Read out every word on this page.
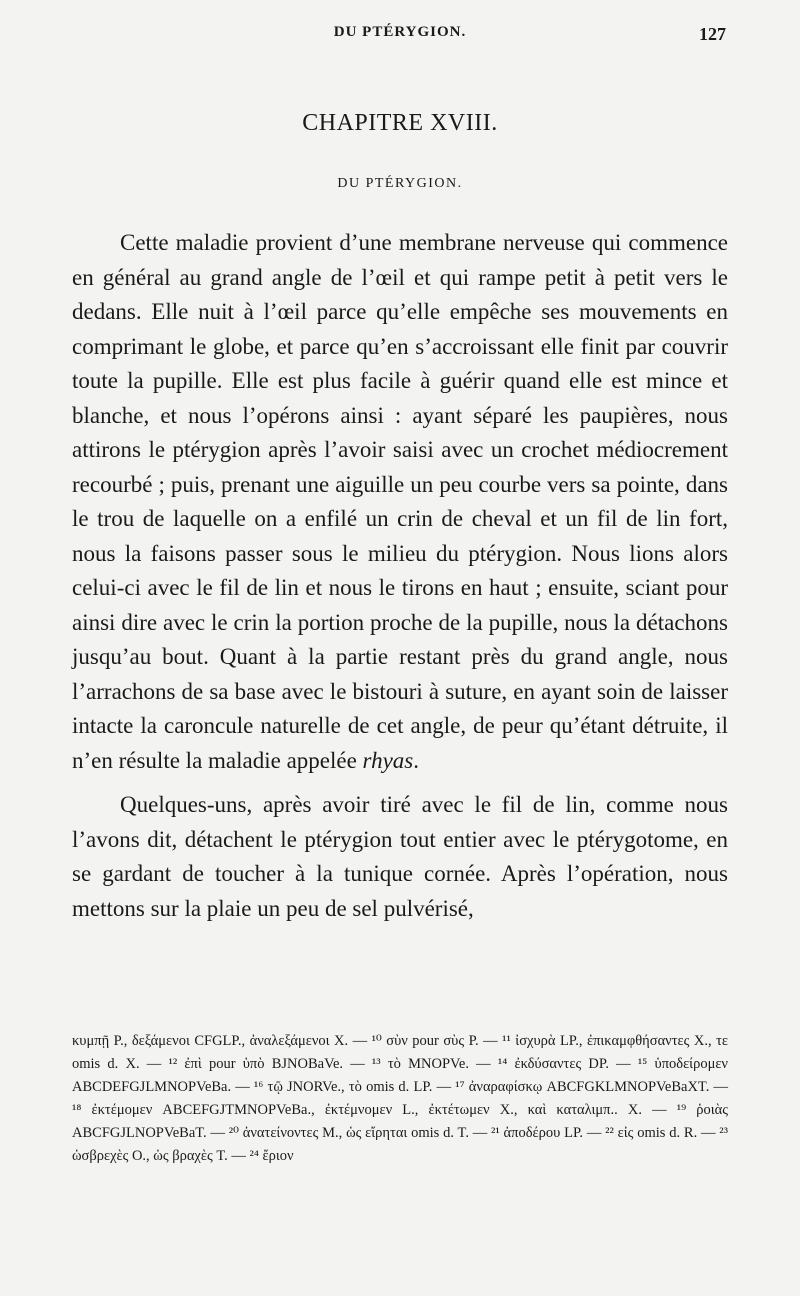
DU PTÉRYGION.	127
CHAPITRE XVIII.
DU PTÉRYGION.

Cette maladie provient d’une membrane nerveuse qui commence en général au grand angle de l’œil et qui rampe petit à petit vers le dedans. Elle nuit à l’œil parce qu’elle empêche ses mouvements en comprimant le globe, et parce qu’en s’accroissant elle finit par couvrir toute la pupille. Elle est plus facile à guérir quand elle est mince et blanche, et nous l’opérons ainsi : ayant séparé les paupières, nous attirons le ptérygion après l’avoir saisi avec un crochet médiocrement recourbé ; puis, prenant une aiguille un peu courbe vers sa pointe, dans le trou de laquelle on a enfilé un crin de cheval et un fil de lin fort, nous la faisons passer sous le milieu du ptérygion. Nous lions alors celui-ci avec le fil de lin et nous le tirons en haut ; ensuite, sciant pour ainsi dire avec le crin la portion proche de la pupille, nous la détachons jusqu’au bout. Quant à la partie restant près du grand angle, nous l’arrachons de sa base avec le bistouri à suture, en ayant soin de laisser intacte la caroncule naturelle de cet angle, de peur qu’étant détruite, il n’en résulte la maladie appelée rhyas.

Quelques-uns, après avoir tiré avec le fil de lin, comme nous l’avons dit, détachent le ptérygion tout entier avec le ptérygotome, en se gardant de toucher à la tunique cornée. Après l’opération, nous mettons sur la plaie un peu de sel pulvérisé,

κυμπῇ P., δεξάμενοι CFGLP., ἀναλεξάμενοι X. — ¹⁰ σὺν pour σὺς P. — ¹¹ ἰσχυρὰ LP., ἐπικαμφθήσαντες X., τε omis d. X. — ¹² ἐπὶ pour ὑπὸ BJNOBaVe. — ¹³ τὸ MNOPVe. — ¹⁴ ἐκδύσαντες DP. — ¹⁵ ὑποδείρομεν ABCDEFGJLMNOPVeBa. — ¹⁶ τῷ JNORVe., τὸ omis d. LP. — ¹⁷ ἀναραφίσκῳ ABCFGKLMNOPVeBaXT. — ¹⁸ ἐκτέμομεν ABCEFGJTMNOPVeBa., ἐκτέμνομεν L., ἐκτέτωμεν X., καὶ καταλιμπ.. X. — ¹⁹ ῥοιὰς ABCFGJLNOPVeBaT. — ²⁰ ἀνατείνοντες M., ὡς εἴρηται omis d. T. — ²¹ ἀποδέρου LP. — ²² εἰς omis d. R. — ²³ ὡσβρεχὲς O., ὡς βραχὲς T. — ²⁴ ἔριον
